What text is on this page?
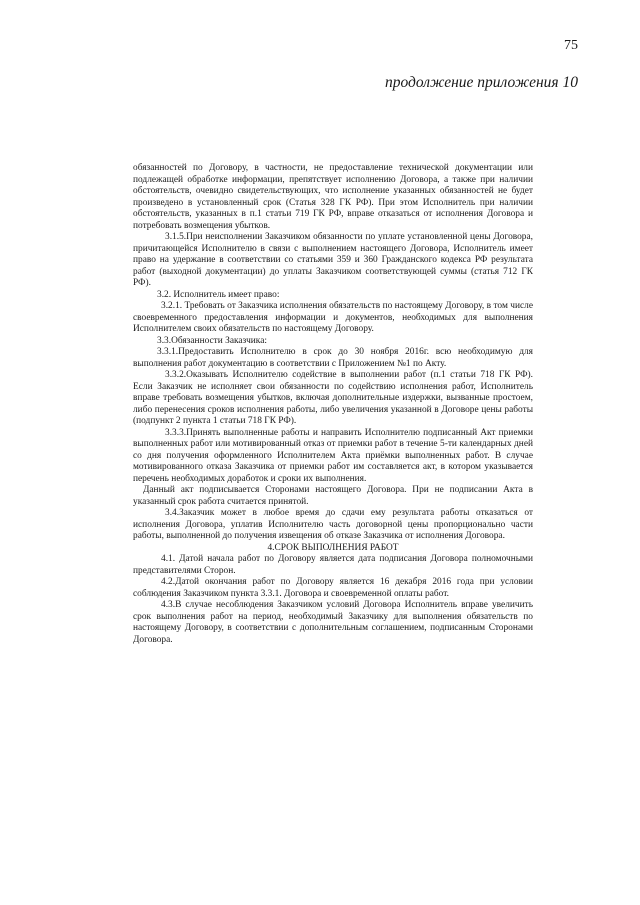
75
продолжение приложения 10

обязанностей по Договору, в частности, не предоставление технической документации или подлежащей обработке информации, препятствует исполнению Договора, а также при наличии обстоятельств, очевидно свидетельствующих, что исполнение указанных обязанностей не будет произведено в установленный срок (Статья 328 ГК РФ). При этом Исполнитель при наличии обстоятельств, указанных в п.1 статьи 719 ГК РФ, вправе отказаться от исполнения Договора и потребовать возмещения убытков.

3.1.5.При неисполнении Заказчиком обязанности по уплате установленной цены Договора, причитающейся Исполнителю в связи с выполнением настоящего Договора, Исполнитель имеет право на удержание в соответствии со статьями 359 и 360 Гражданского кодекса РФ результата работ (выходной документации) до уплаты Заказчиком соответствующей суммы (статья 712 ГК РФ).

3.2. Исполнитель имеет право:

3.2.1. Требовать от Заказчика исполнения обязательств по настоящему Договору, в том числе своевременного предоставления информации и документов, необходимых для выполнения Исполнителем своих обязательств по настоящему Договору.

3.3.Обязанности Заказчика:

3.3.1.Предоставить Исполнителю в срок до 30 ноября 2016г. всю необходимую для выполнения работ документацию в соответствии с Приложением №1 по Акту.

3.3.2.Оказывать Исполнителю содействие в выполнении работ (п.1 статьи 718 ГК РФ). Если Заказчик не исполняет свои обязанности по содействию исполнения работ, Исполнитель вправе требовать возмещения убытков, включая дополнительные издержки, вызванные простоем, либо перенесения сроков исполнения работы, либо увеличения указанной в Договоре цены работы (подпункт 2 пункта 1 статьи 718 ГК РФ).

3.3.3.Принять выполненные работы и направить Исполнителю подписанный Акт приемки выполненных работ или мотивированный отказ от приемки работ в течение 5-ти календарных дней со дня получения оформленного Исполнителем Акта приёмки выполненных работ. В случае мотивированного отказа Заказчика от приемки работ им составляется акт, в котором указывается перечень необходимых доработок и сроки их выполнения.

Данный акт подписывается Сторонами настоящего Договора. При не подписании Акта в указанный срок работа считается принятой.

3.4.Заказчик может в любое время до сдачи ему результата работы отказаться от исполнения Договора, уплатив Исполнителю часть договорной цены пропорционально части работы, выполненной до получения извещения об отказе Заказчика от исполнения Договора.

4.СРОК ВЫПОЛНЕНИЯ РАБОТ

4.1. Датой начала работ по Договору является дата подписания Договора полномочными представителями Сторон.

4.2.Датой окончания работ по Договору является 16 декабря 2016 года при условии соблюдения Заказчиком пункта 3.3.1. Договора и своевременной оплаты работ.

4.3.В случае несоблюдения Заказчиком условий Договора Исполнитель вправе увеличить срок выполнения работ на период, необходимый Заказчику для выполнения обязательств по настоящему Договору, в соответствии с дополнительным соглашением, подписанным Сторонами Договора.
